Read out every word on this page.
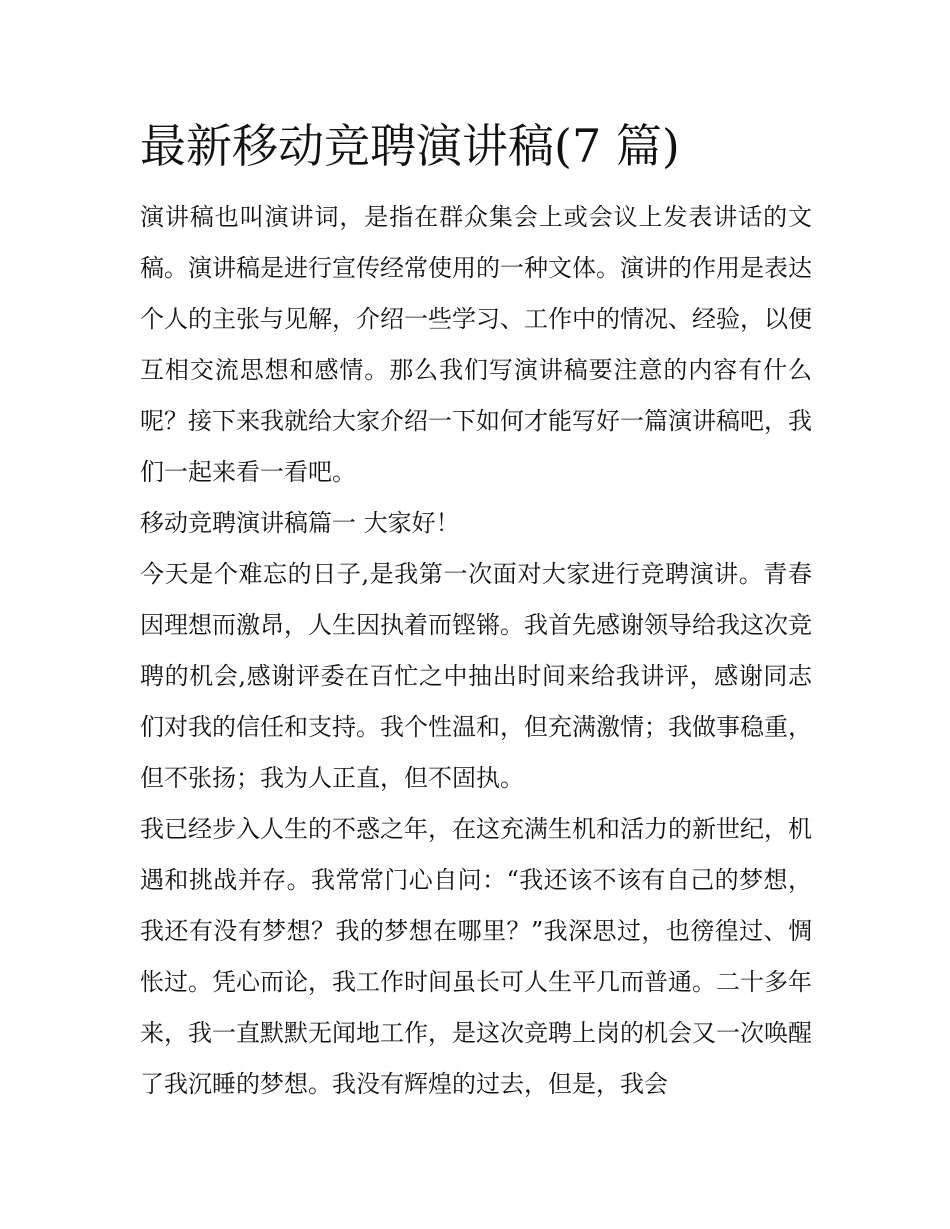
最新移动竞聘演讲稿(7 篇)

演讲稿也叫演讲词，是指在群众集会上或会议上发表讲话的文稿。演讲稿是进行宣传经常使用的一种文体。演讲的作用是表达个人的主张与见解，介绍一些学习、工作中的情况、经验，以便互相交流思想和感情。那么我们写演讲稿要注意的内容有什么呢？接下来我就给大家介绍一下如何才能写好一篇演讲稿吧，我们一起来看一看吧。

移动竞聘演讲稿篇一 大家好！

今天是个难忘的日子,是我第一次面对大家进行竞聘演讲。青春因理想而激昂，人生因执着而铿锵。我首先感谢领导给我这次竞聘的机会,感谢评委在百忙之中抽出时间来给我讲评，感谢同志们对我的信任和支持。我个性温和，但充满激情；我做事稳重，但不张扬；我为人正直，但不固执。

我已经步入人生的不惑之年，在这充满生机和活力的新世纪，机遇和挑战并存。我常常门心自问：“我还该不该有自己的梦想，我还有没有梦想？我的梦想在哪里？”我深思过，也徬徨过、惆怅过。凭心而论，我工作时间虽长可人生平几而普通。二十多年来，我一直默默无闻地工作，是这次竞聘上岗的机会又一次唤醒了我沉睡的梦想。我没有辉煌的过去，但是，我会
